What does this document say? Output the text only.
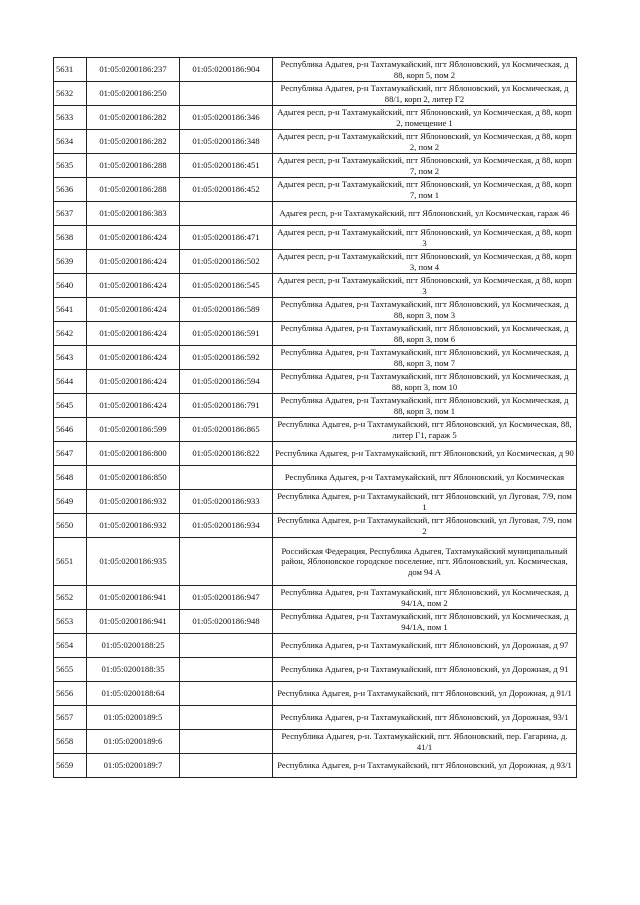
5631	01:05:0200186:237	01:05:0200186:904	Республика Адыгея, р-н Тахтамукайский, пгт Яблоновский, ул Космическая, д 88, корп 5, пом 2
5632	01:05:0200186:250		Республика Адыгея, р-н Тахтамукайский, пгт Яблоновский, ул Космическая, д 88/1, корп 2, литер Г2
5633	01:05:0200186:282	01:05:0200186:346	Адыгея респ, р-н Тахтамукайский, пгт Яблоновский, ул Космическая, д 88, корп 2, помещение 1
5634	01:05:0200186:282	01:05:0200186:348	Адыгея респ, р-н Тахтамукайский, пгт Яблоновский, ул Космическая, д 88, корп 2, пом 2
5635	01:05:0200186:288	01:05:0200186:451	Адыгея респ, р-н Тахтамукайский, пгт Яблоновский, ул Космическая, д 88, корп 7, пом 2
5636	01:05:0200186:288	01:05:0200186:452	Адыгея респ, р-н Тахтамукайский, пгт Яблоновский, ул Космическая, д 88, корп 7, пом 1
5637	01:05:0200186:383		Адыгея респ, р-н Тахтамукайский, пгт Яблоновский, ул Космическая, гараж 46
5638	01:05:0200186:424	01:05:0200186:471	Адыгея респ, р-н Тахтамукайский, пгт Яблоновский, ул Космическая, д 88, корп 3
5639	01:05:0200186:424	01:05:0200186:502	Адыгея респ, р-н Тахтамукайский, пгт Яблоновский, ул Космическая, д 88, корп 3, пом 4
5640	01:05:0200186:424	01:05:0200186:545	Адыгея респ, р-н Тахтамукайский, пгт Яблоновский, ул Космическая, д 88, корп 3
5641	01:05:0200186:424	01:05:0200186:589	Республика Адыгея, р-н Тахтамукайский, пгт Яблоновский, ул Космическая, д 88, корп 3, пом 3
5642	01:05:0200186:424	01:05:0200186:591	Республика Адыгея, р-н Тахтамукайский, пгт Яблоновский, ул Космическая, д 88, корп 3, пом 6
5643	01:05:0200186:424	01:05:0200186:592	Республика Адыгея, р-н Тахтамукайский, пгт Яблоновский, ул Космическая, д 88, корп 3, пом 7
5644	01:05:0200186:424	01:05:0200186:594	Республика Адыгея, р-н Тахтамукайский, пгт Яблоновский, ул Космическая, д 88, корп 3, пом 10
5645	01:05:0200186:424	01:05:0200186:791	Республика Адыгея, р-н Тахтамукайский, пгт Яблоновский, ул Космическая, д 88, корп 3, пом 1
5646	01:05:0200186:599	01:05:0200186:865	Республика Адыгея, р-н Тахтамукайский, пгт Яблоновский, ул Космическая, 88, литер Г1, гараж 5
5647	01:05:0200186:800	01:05:0200186:822	Республика Адыгея, р-н Тахтамукайский, пгт Яблоновский, ул Космическая, д 90
5648	01:05:0200186:850		Республика Адыгея, р-н Тахтамукайский, пгт Яблоновский, ул Космическая
5649	01:05:0200186:932	01:05:0200186:933	Республика Адыгея, р-н Тахтамукайский, пгт Яблоновский, ул Луговая, 7/9, пом 1
5650	01:05:0200186:932	01:05:0200186:934	Республика Адыгея, р-н Тахтамукайский, пгт Яблоновский, ул Луговая, 7/9, пом 2
5651	01:05:0200186:935		Российская Федерация, Республика Адыгея, Тахтамукайский муниципальный район, Яблоновское городское поселение, пгт. Яблоновский, ул. Космическая, дом 94 А
5652	01:05:0200186:941	01:05:0200186:947	Республика Адыгея, р-н Тахтамукайский, пгт Яблоновский, ул Космическая, д 94/1А, пом 2
5653	01:05:0200186:941	01:05:0200186:948	Республика Адыгея, р-н Тахтамукайский, пгт Яблоновский, ул Космическая, д 94/1А, пом 1
5654	01:05:0200188:25		Республика Адыгея, р-н Тахтамукайский, пгт Яблоновский, ул Дорожная, д 97
5655	01:05:0200188:35		Республика Адыгея, р-н Тахтамукайский, пгт Яблоновский, ул Дорожная, д 91
5656	01:05:0200188:64		Республика Адыгея, р-н Тахтамукайский, пгт Яблоновский, ул Дорожная, д 91/1
5657	01:05:0200189:5		Республика Адыгея, р-н Тахтамукайский, пгт Яблоновский, ул Дорожная, 93/1
5658	01:05:0200189:6		Республика Адыгея, р-н. Тахтамукайский, пгт. Яблоновский, пер. Гагарина, д. 41/1
5659	01:05:0200189:7		Республика Адыгея, р-н Тахтамукайский, пгт Яблоновский, ул Дорожная, д 93/1
